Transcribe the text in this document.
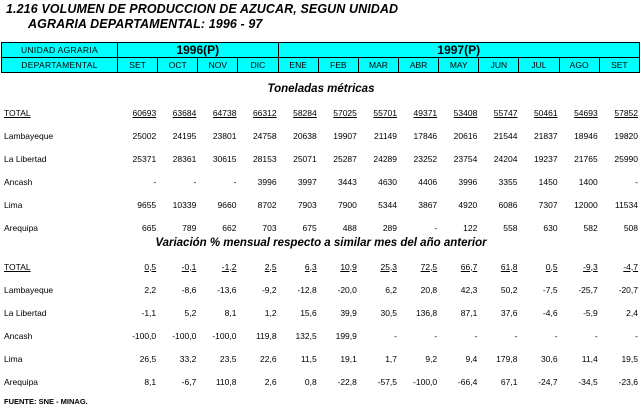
1.216 VOLUMEN DE PRODUCCION DE AZUCAR, SEGUN UNIDAD
AGRARIA DEPARTAMENTAL: 1996 - 97
UNIDAD AGRARIA	1996(P)				1997(P)								
DEPARTAMENTAL	SET	OCT	NOV	DIC	ENE	FEB	MAR	ABR	MAY	JUN	JUL	AGO	SET
Toneladas métricas
TOTAL	60693	63684	64738	66312	58284	57025	55701	49371	53408	55747	50461	54693	57852
Lambayeque	25002	24195	23801	24758	20638	19907	21149	17846	20616	21544	21837	18946	19820
La Libertad	25371	28361	30615	28153	25071	25287	24289	23252	23754	24204	19237	21765	25990
Ancash	-	-	-	3996	3997	3443	4630	4406	3996	3355	1450	1400	-
Lima	9655	10339	9660	8702	7903	7900	5344	3867	4920	6086	7307	12000	11534
Arequipa	665	789	662	703	675	488	289	-	122	558	630	582	508
Variación % mensual respecto a similar mes del año anterior
TOTAL	0,5	-0,1	-1,2	2,5	6,3	10,9	25,3	72,5	66,7	61,8	0,5	-9,3	-4,7
Lambayeque	2,2	-8,6	-13,6	-9,2	-12,8	-20,0	6,2	20,8	42,3	50,2	-7,5	-25,7	-20,7
La Libertad	-1,1	5,2	8,1	1,2	15,6	39,9	30,5	136,8	87,1	37,6	-4,6	-5,9	2,4
Ancash	-100,0	-100,0	-100,0	119,8	132,5	199,9	-	-	-	-	-	-	-
Lima	26,5	33,2	23,5	22,6	11,5	19,1	1,7	9,2	9,4	179,8	30,6	11,4	19,5
Arequipa	8,1	-6,7	110,8	2,6	0,8	-22,8	-57,5	-100,0	-66,4	67,1	-24,7	-34,5	-23,6
FUENTE: SNE - MINAG.
